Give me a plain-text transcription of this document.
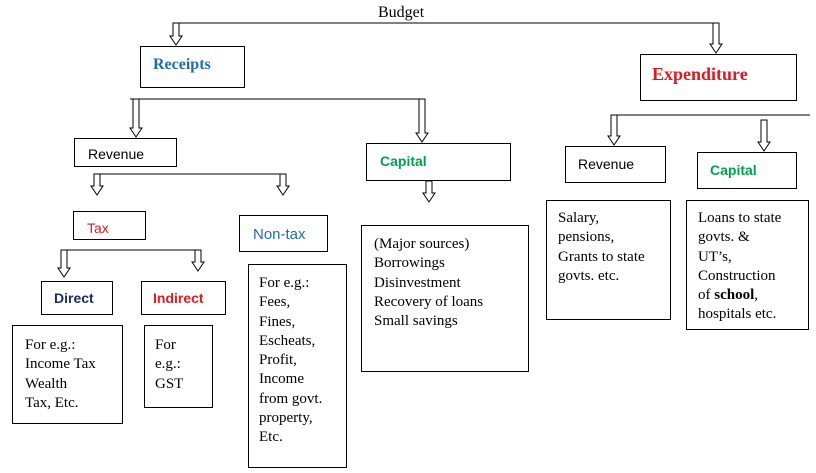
Budget
Receipts	Expenditure
Revenue	Capital
Tax	Non-tax
Direct	Indirect
For e.g.:
Income Tax
Wealth
Tax, Etc.
For
e.g.:
GST
For e.g.:
Fees,
Fines,
Escheats,
Profit,
Income
from govt.
property,
Etc.
(Major sources)
Borrowings
Disinvestment
Recovery of loans
Small savings
Revenue	Capital
Salary,
pensions,
Grants to state
govts. etc.
Loans to state
govts. &
UT’s,
Construction
of school,
hospitals etc.
